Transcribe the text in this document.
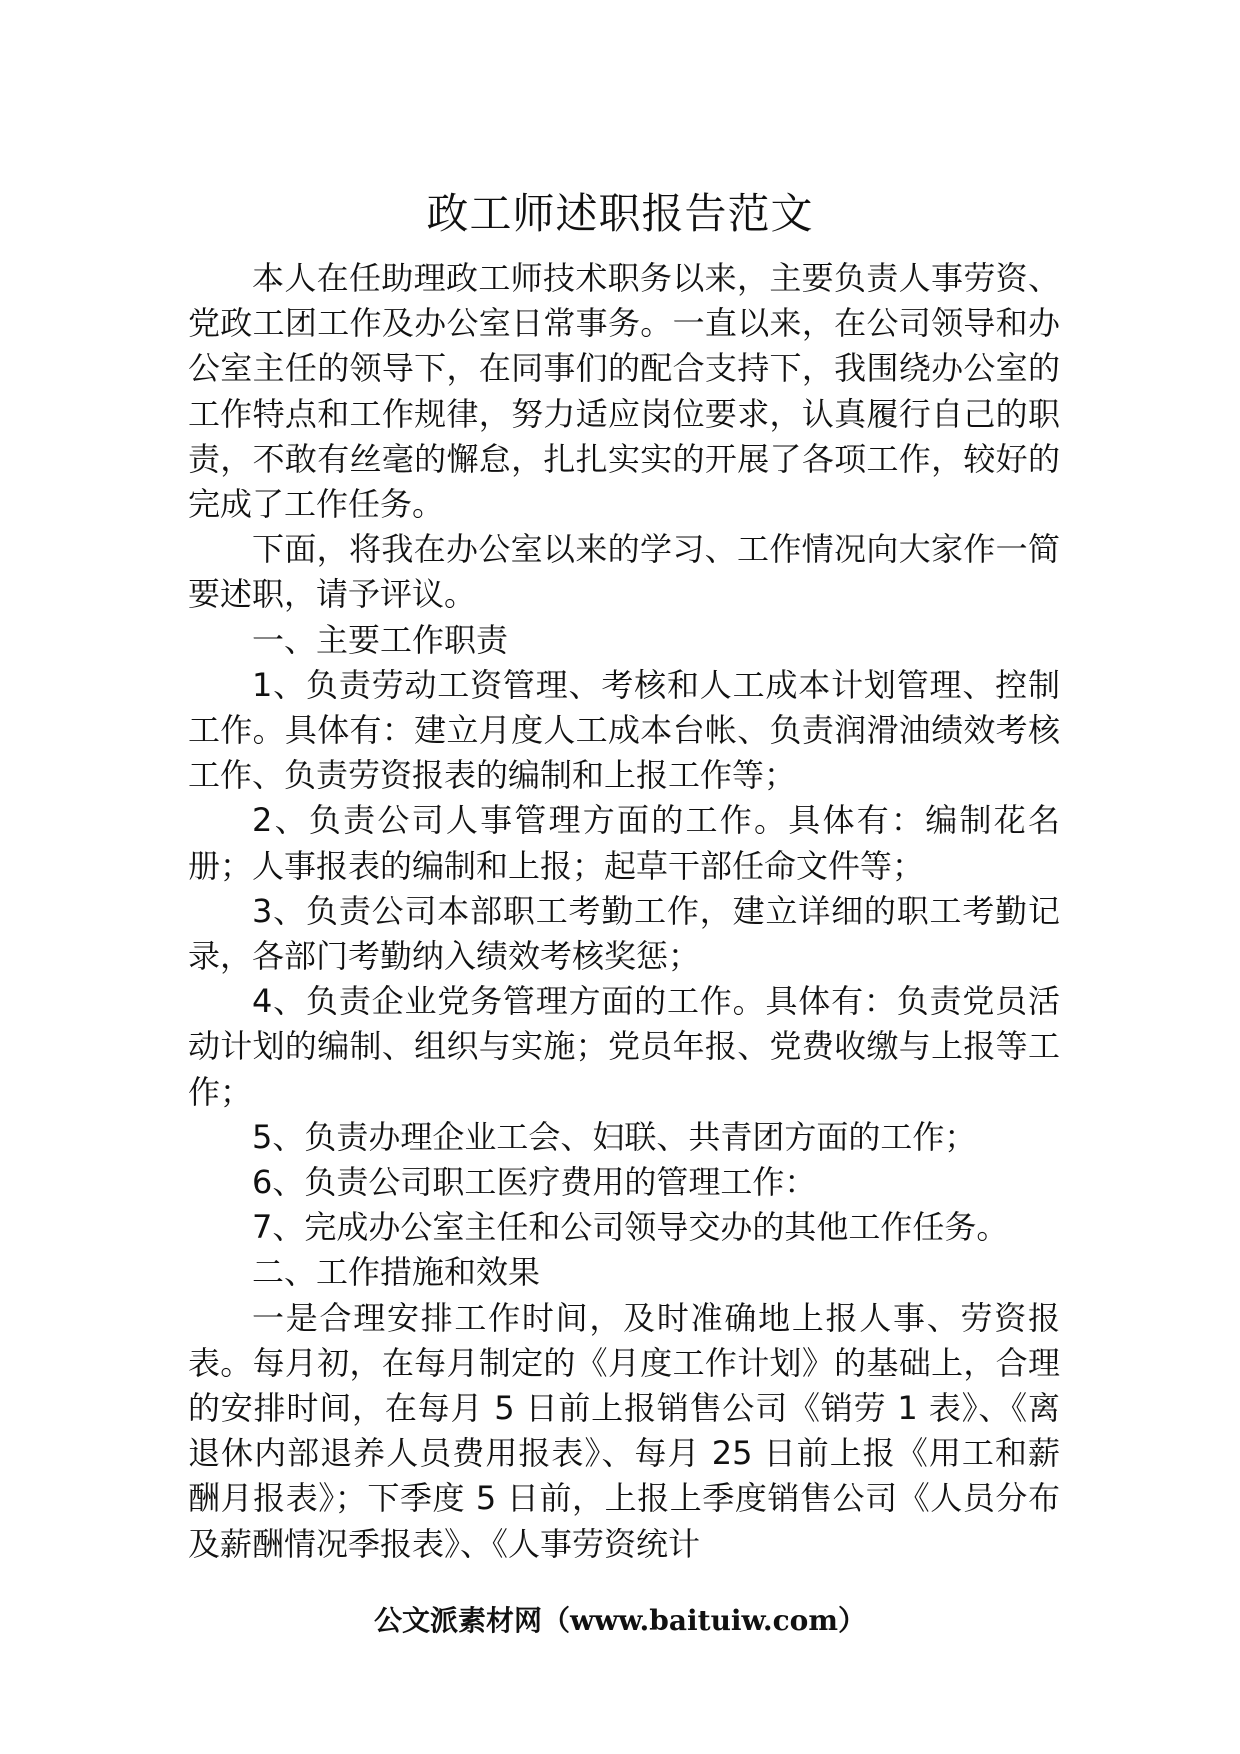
政工师述职报告范文

本人在任助理政工师技术职务以来，主要负责人事劳资、党政工团工作及办公室日常事务。一直以来，在公司领导和办公室主任的领导下，在同事们的配合支持下，我围绕办公室的工作特点和工作规律，努力适应岗位要求，认真履行自己的职责，不敢有丝毫的懈怠，扎扎实实的开展了各项工作，较好的完成了工作任务。

下面，将我在办公室以来的学习、工作情况向大家作一简要述职，请予评议。

一、主要工作职责

1、负责劳动工资管理、考核和人工成本计划管理、控制工作。具体有：建立月度人工成本台帐、负责润滑油绩效考核工作、负责劳资报表的编制和上报工作等；

2、负责公司人事管理方面的工作。具体有：编制花名册；人事报表的编制和上报；起草干部任命文件等；

3、负责公司本部职工考勤工作，建立详细的职工考勤记录，各部门考勤纳入绩效考核奖惩；

4、负责企业党务管理方面的工作。具体有：负责党员活动计划的编制、组织与实施；党员年报、党费收缴与上报等工作；

5、负责办理企业工会、妇联、共青团方面的工作；

6、负责公司职工医疗费用的管理工作：

7、完成办公室主任和公司领导交办的其他工作任务。

二、工作措施和效果

一是合理安排工作时间，及时准确地上报人事、劳资报表。每月初，在每月制定的《月度工作计划》的基础上，合理的安排时间，在每月 5 日前上报销售公司《销劳 1 表》、《离退休内部退养人员费用报表》、每月 25 日前上报《用工和薪酬月报表》；下季度 5 日前，上报上季度销售公司《人员分布及薪酬情况季报表》、《人事劳资统计

公文派素材网（www.baituiw.com）
